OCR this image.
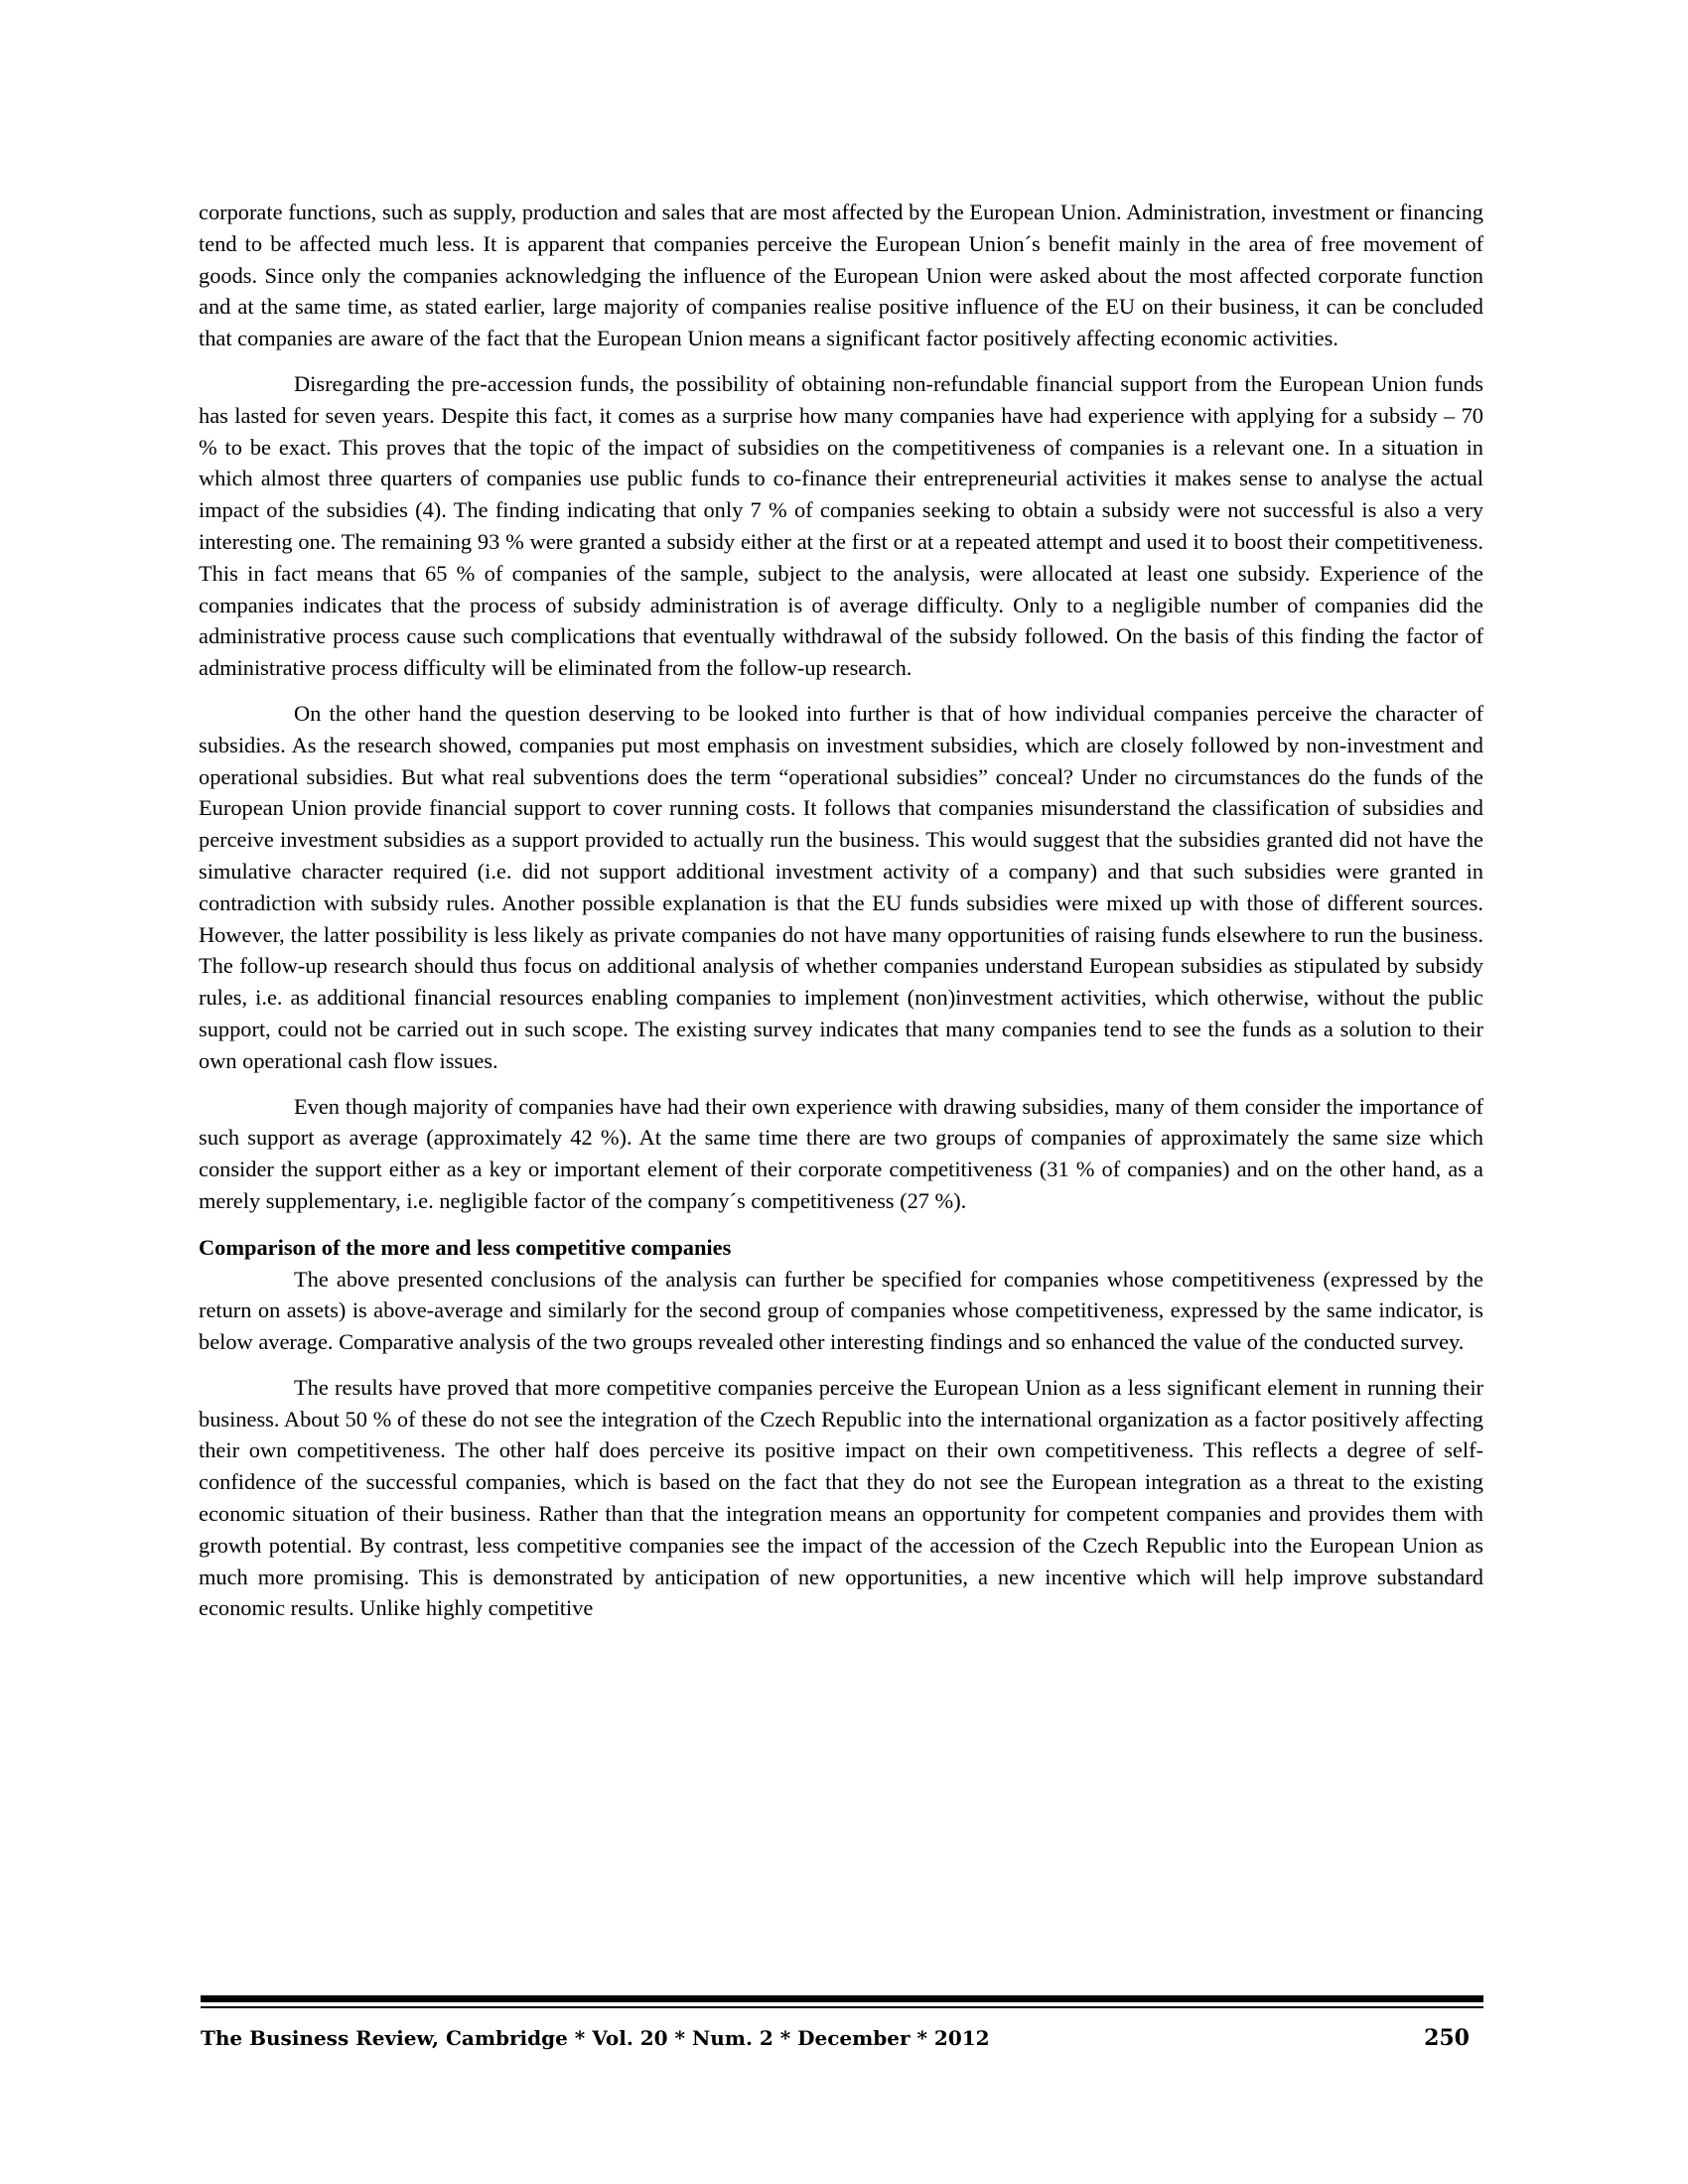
corporate functions, such as supply, production and sales that are most affected by the European Union. Administration, investment or financing tend to be affected much less. It is apparent that companies perceive the European Union´s benefit mainly in the area of free movement of goods. Since only the companies acknowledging the influence of the European Union were asked about the most affected corporate function and at the same time, as stated earlier, large majority of companies realise positive influence of the EU on their business, it can be concluded that companies are aware of the fact that the European Union means a significant factor positively affecting economic activities.

Disregarding the pre-accession funds, the possibility of obtaining non-refundable financial support from the European Union funds has lasted for seven years. Despite this fact, it comes as a surprise how many companies have had experience with applying for a subsidy – 70 % to be exact. This proves that the topic of the impact of subsidies on the competitiveness of companies is a relevant one. In a situation in which almost three quarters of companies use public funds to co-finance their entrepreneurial activities it makes sense to analyse the actual impact of the subsidies (4). The finding indicating that only 7 % of companies seeking to obtain a subsidy were not successful is also a very interesting one. The remaining 93 % were granted a subsidy either at the first or at a repeated attempt and used it to boost their competitiveness. This in fact means that 65 % of companies of the sample, subject to the analysis, were allocated at least one subsidy. Experience of the companies indicates that the process of subsidy administration is of average difficulty. Only to a negligible number of companies did the administrative process cause such complications that eventually withdrawal of the subsidy followed. On the basis of this finding the factor of administrative process difficulty will be eliminated from the follow-up research.

On the other hand the question deserving to be looked into further is that of how individual companies perceive the character of subsidies. As the research showed, companies put most emphasis on investment subsidies, which are closely followed by non-investment and operational subsidies. But what real subventions does the term “operational subsidies” conceal? Under no circumstances do the funds of the European Union provide financial support to cover running costs. It follows that companies misunderstand the classification of subsidies and perceive investment subsidies as a support provided to actually run the business. This would suggest that the subsidies granted did not have the simulative character required (i.e. did not support additional investment activity of a company) and that such subsidies were granted in contradiction with subsidy rules. Another possible explanation is that the EU funds subsidies were mixed up with those of different sources. However, the latter possibility is less likely as private companies do not have many opportunities of raising funds elsewhere to run the business. The follow-up research should thus focus on additional analysis of whether companies understand European subsidies as stipulated by subsidy rules, i.e. as additional financial resources enabling companies to implement (non)investment activities, which otherwise, without the public support, could not be carried out in such scope. The existing survey indicates that many companies tend to see the funds as a solution to their own operational cash flow issues.

Even though majority of companies have had their own experience with drawing subsidies, many of them consider the importance of such support as average (approximately 42 %). At the same time there are two groups of companies of approximately the same size which consider the support either as a key or important element of their corporate competitiveness (31 % of companies) and on the other hand, as a merely supplementary, i.e. negligible factor of the company´s competitiveness (27 %).

Comparison of the more and less competitive companies

The above presented conclusions of the analysis can further be specified for companies whose competitiveness (expressed by the return on assets) is above-average and similarly for the second group of companies whose competitiveness, expressed by the same indicator, is below average. Comparative analysis of the two groups revealed other interesting findings and so enhanced the value of the conducted survey.

The results have proved that more competitive companies perceive the European Union as a less significant element in running their business. About 50 % of these do not see the integration of the Czech Republic into the international organization as a factor positively affecting their own competitiveness. The other half does perceive its positive impact on their own competitiveness. This reflects a degree of self-confidence of the successful companies, which is based on the fact that they do not see the European integration as a threat to the existing economic situation of their business. Rather than that the integration means an opportunity for competent companies and provides them with growth potential. By contrast, less competitive companies see the impact of the accession of the Czech Republic into the European Union as much more promising. This is demonstrated by anticipation of new opportunities, a new incentive which will help improve substandard economic results. Unlike highly competitive

The Business Review, Cambridge * Vol. 20 * Num. 2 * December * 2012	250
